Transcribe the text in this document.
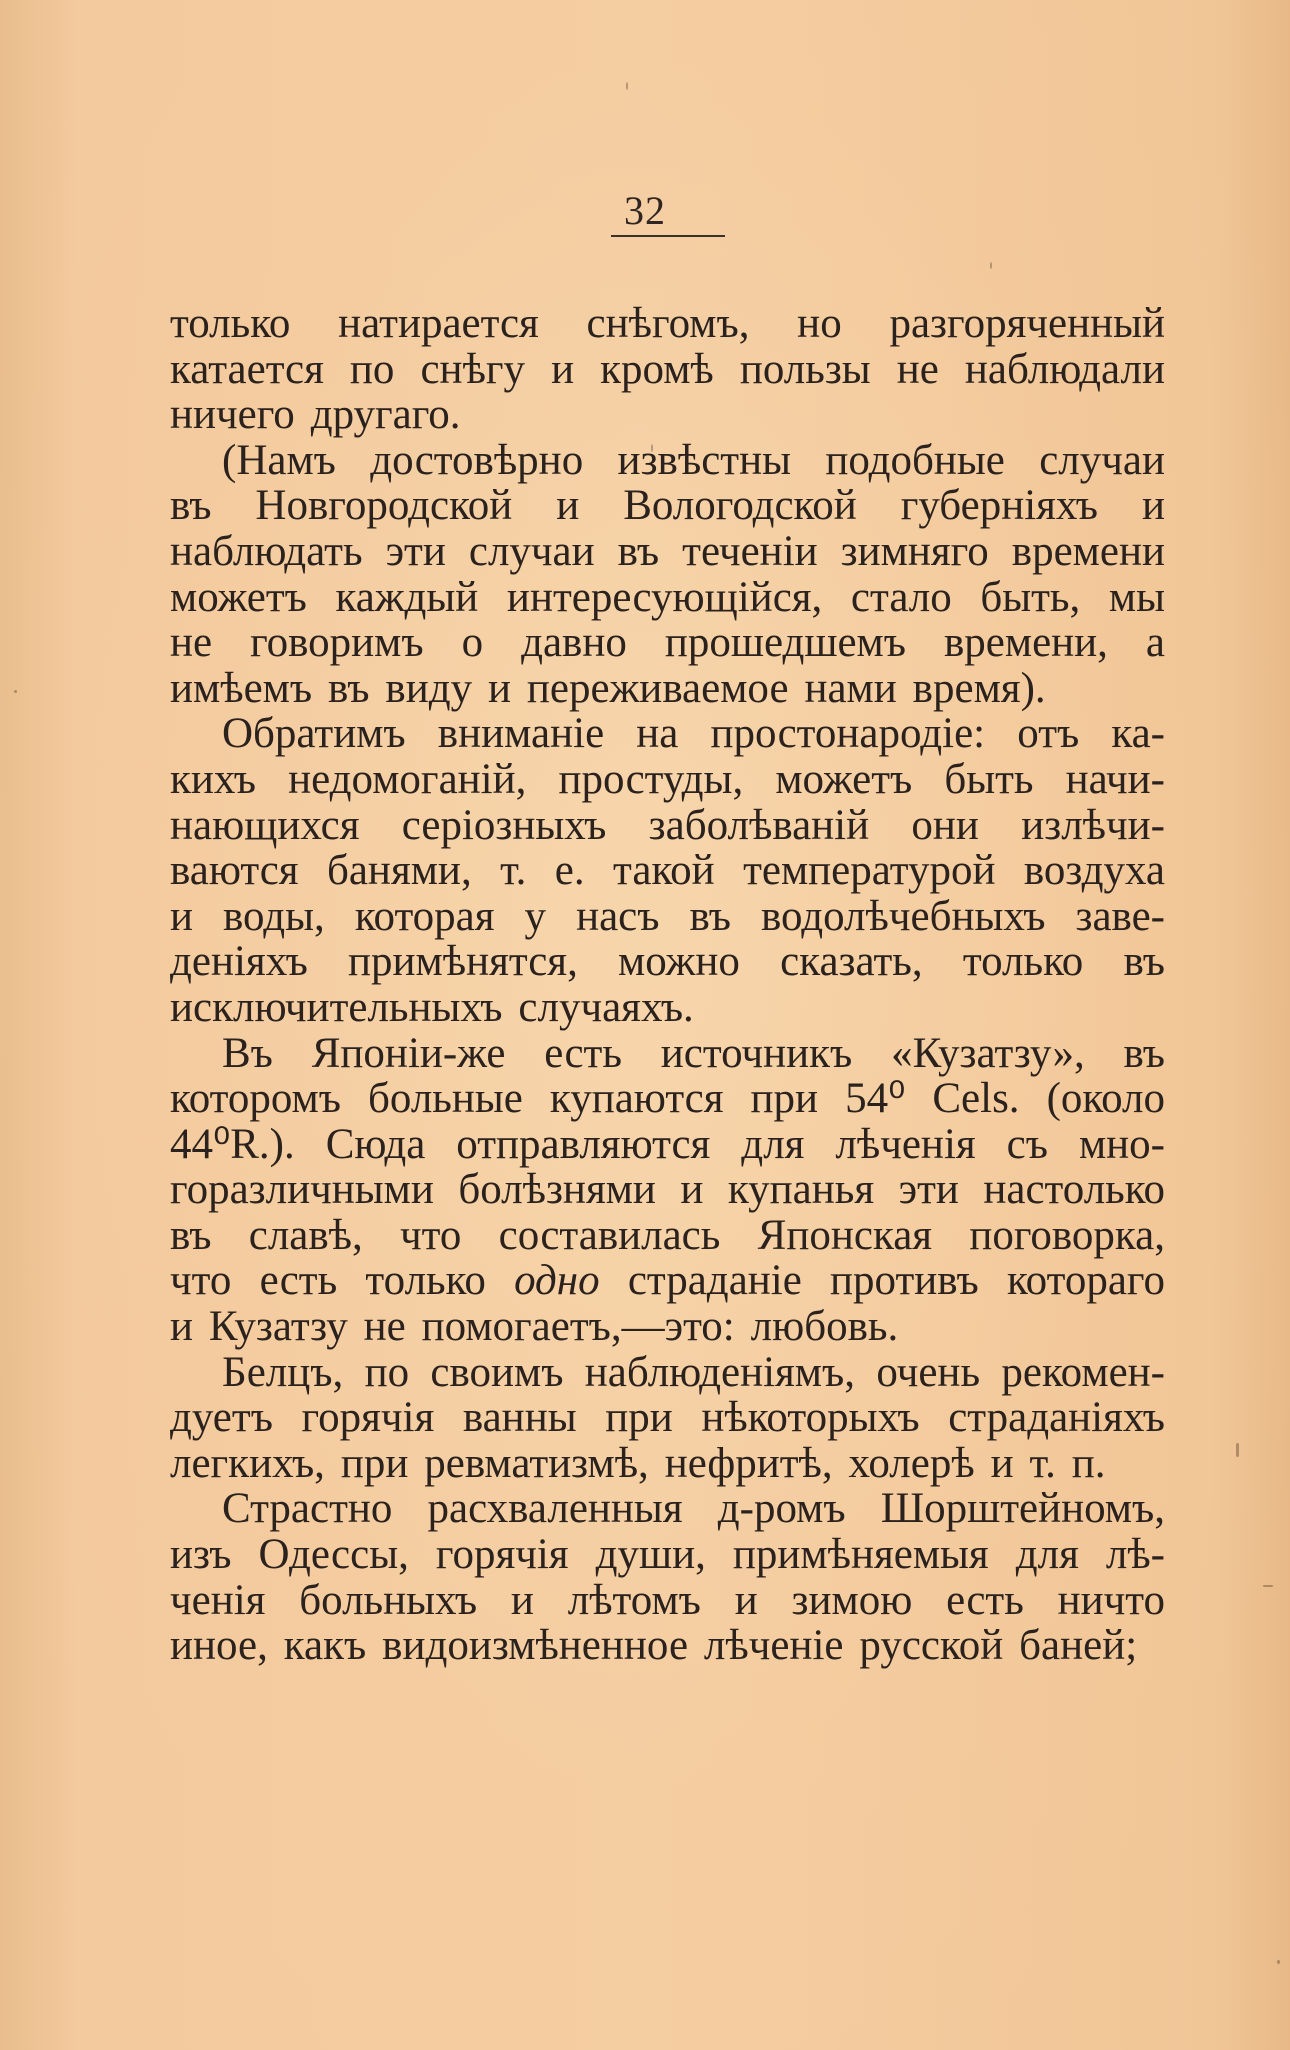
32

только натирается снѣгомъ, но разгоряченный
катается по снѣгу и кромѣ пользы не наблюдали
ничего другаго.

(Намъ достовѣрно извѣстны подобные случаи
въ Новгородской и Вологодской губерніяхъ и
наблюдать эти случаи въ теченіи зимняго времени
можетъ каждый интересующійся, стало быть, мы
не говоримъ о давно прошедшемъ времени, а
имѣемъ въ виду и переживаемое нами время).

Обратимъ вниманіе на простонародіе: отъ ка-
кихъ недомоганій, простуды, можетъ быть начи-
нающихся серіозныхъ заболѣваній они излѣчи-
ваются банями, т. е. такой температурой воздуха
и воды, которая у насъ въ водолѣчебныхъ заве-
деніяхъ примѣнятся, можно сказать, только въ
исключительныхъ случаяхъ.

Въ Японіи-же есть источникъ «Кузатзу», въ
которомъ больные купаются при 54⁰ Cels. (около
44⁰R.). Сюда отправляются для лѣченія съ мно-
горазличными болѣзнями и купанья эти настолько
въ славѣ, что составилась Японская поговорка,
что есть только одно страданіе противъ котораго
и Кузатзу не помогаетъ,—это: любовь.

Белцъ, по своимъ наблюденіямъ, очень рекомен-
дуетъ горячія ванны при нѣкоторыхъ страданіяхъ
легкихъ, при ревматизмѣ, нефритѣ, холерѣ и т. п.

Страстно расхваленныя д-ромъ Шорштейномъ,
изъ Одессы, горячія души, примѣняемыя для лѣ-
ченія больныхъ и лѣтомъ и зимою есть ничто
иное, какъ видоизмѣненное лѣченіе русской баней;
